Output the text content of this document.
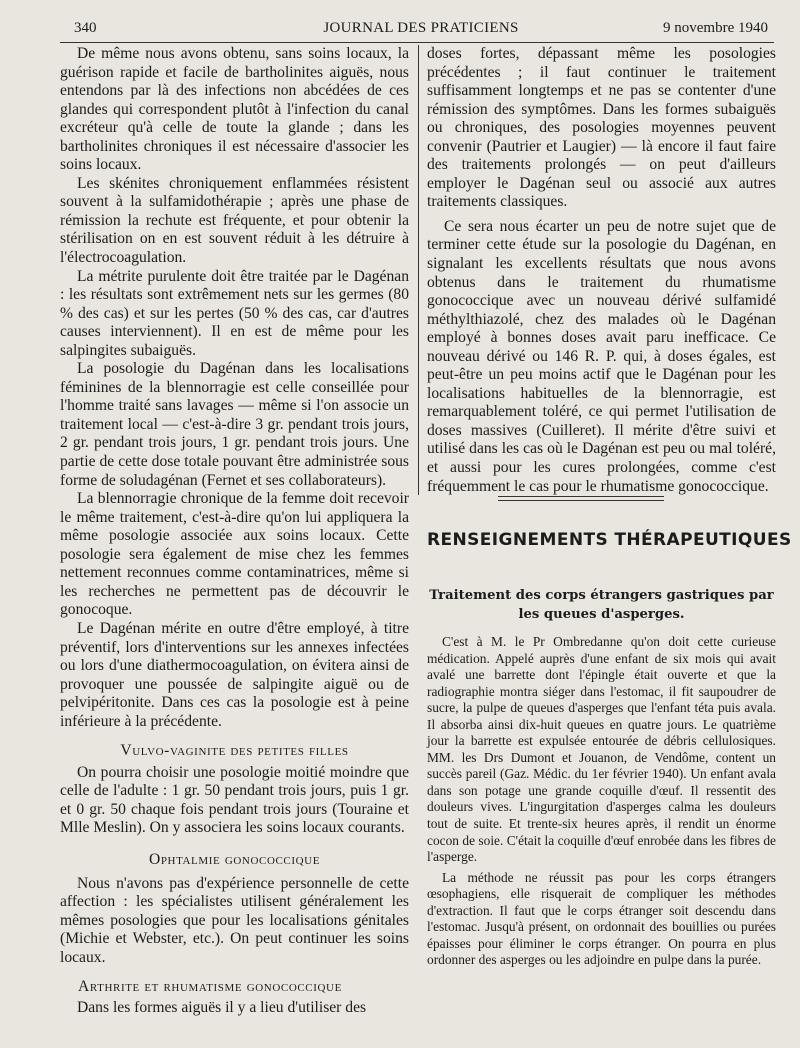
340	JOURNAL DES PRATICIENS	9 novembre 1940

De même nous avons obtenu, sans soins locaux, la guérison rapide et facile de bartholinites aiguës, nous entendons par là des infections non abcédées de ces glandes qui correspondent plutôt à l'infection du canal excréteur qu'à celle de toute la glande ; dans les bartholinites chroniques il est nécessaire d'associer les soins locaux.

Les skénites chroniquement enflammées résistent souvent à la sulfamidothérapie ; après une phase de rémission la rechute est fréquente, et pour obtenir la stérilisation on en est souvent réduit à les détruire à l'électrocoagulation.

La métrite purulente doit être traitée par le Dagénan : les résultats sont extrêmement nets sur les germes (80 % des cas) et sur les pertes (50 % des cas, car d'autres causes interviennent). Il en est de même pour les salpingites subaiguës.

La posologie du Dagénan dans les localisations féminines de la blennorragie est celle conseillée pour l'homme traité sans lavages — même si l'on associe un traitement local — c'est-à-dire 3 gr. pendant trois jours, 2 gr. pendant trois jours, 1 gr. pendant trois jours. Une partie de cette dose totale pouvant être administrée sous forme de soludagénan (Fernet et ses collaborateurs).

La blennorragie chronique de la femme doit recevoir le même traitement, c'est-à-dire qu'on lui appliquera la même posologie associée aux soins locaux. Cette posologie sera également de mise chez les femmes nettement reconnues comme contaminatrices, même si les recherches ne permettent pas de découvrir le gonocoque.

Le Dagénan mérite en outre d'être employé, à titre préventif, lors d'interventions sur les annexes infectées ou lors d'une diathermocoagulation, on évitera ainsi de provoquer une poussée de salpingite aiguë ou de pelvipéritonite. Dans ces cas la posologie est à peine inférieure à la précédente.

Vulvo-vaginite des petites filles

On pourra choisir une posologie moitié moindre que celle de l'adulte : 1 gr. 50 pendant trois jours, puis 1 gr. et 0 gr. 50 chaque fois pendant trois jours (Touraine et Mlle Meslin). On y associera les soins locaux courants.

Ophtalmie gonococcique

Nous n'avons pas d'expérience personnelle de cette affection : les spécialistes utilisent généralement les mêmes posologies que pour les localisations génitales (Michie et Webster, etc.). On peut continuer les soins locaux.

Arthrite et rhumatisme gonococcique

Dans les formes aiguës il y a lieu d'utiliser des

doses fortes, dépassant même les posologies précédentes ; il faut continuer le traitement suffisamment longtemps et ne pas se contenter d'une rémission des symptômes. Dans les formes subaiguës ou chroniques, des posologies moyennes peuvent convenir (Pautrier et Laugier) — là encore il faut faire des traitements prolongés — on peut d'ailleurs employer le Dagénan seul ou associé aux autres traitements classiques.

Ce sera nous écarter un peu de notre sujet que de terminer cette étude sur la posologie du Dagénan, en signalant les excellents résultats que nous avons obtenus dans le traitement du rhumatisme gonococcique avec un nouveau dérivé sulfamidé méthylthiazolé, chez des malades où le Dagénan employé à bonnes doses avait paru inefficace. Ce nouveau dérivé ou 146 R. P. qui, à doses égales, est peut-être un peu moins actif que le Dagénan pour les localisations habituelles de la blennorragie, est remarquablement toléré, ce qui permet l'utilisation de doses massives (Cuilleret). Il mérite d'être suivi et utilisé dans les cas où le Dagénan est peu ou mal toléré, et aussi pour les cures prolongées, comme c'est fréquemment le cas pour le rhumatisme gonococcique.

RENSEIGNEMENTS THÉRAPEUTIQUES
Traitement des corps étrangers gastriques par les queues d'asperges.

C'est à M. le Pr Ombredanne qu'on doit cette curieuse médication. Appelé auprès d'une enfant de six mois qui avait avalé une barrette dont l'épingle était ouverte et que la radiographie montra siéger dans l'estomac, il fit saupoudrer de sucre, la pulpe de queues d'asperges que l'enfant téta puis avala. Il absorba ainsi dix-huit queues en quatre jours. Le quatrième jour la barrette est expulsée entourée de débris cellulosiques. MM. les Drs Dumont et Jouanon, de Vendôme, content un succès pareil (Gaz. Médic. du 1er février 1940). Un enfant avala dans son potage une grande coquille d'œuf. Il ressentit des douleurs vives. L'ingurgitation d'asperges calma les douleurs tout de suite. Et trente-six heures après, il rendit un énorme cocon de soie. C'était la coquille d'œuf enrobée dans les fibres de l'asperge.

La méthode ne réussit pas pour les corps étrangers œsophagiens, elle risquerait de compliquer les méthodes d'extraction. Il faut que le corps étranger soit descendu dans l'estomac. Jusqu'à présent, on ordonnait des bouillies ou purées épaisses pour éliminer le corps étranger. On pourra en plus ordonner des asperges ou les adjoindre en pulpe dans la purée.
